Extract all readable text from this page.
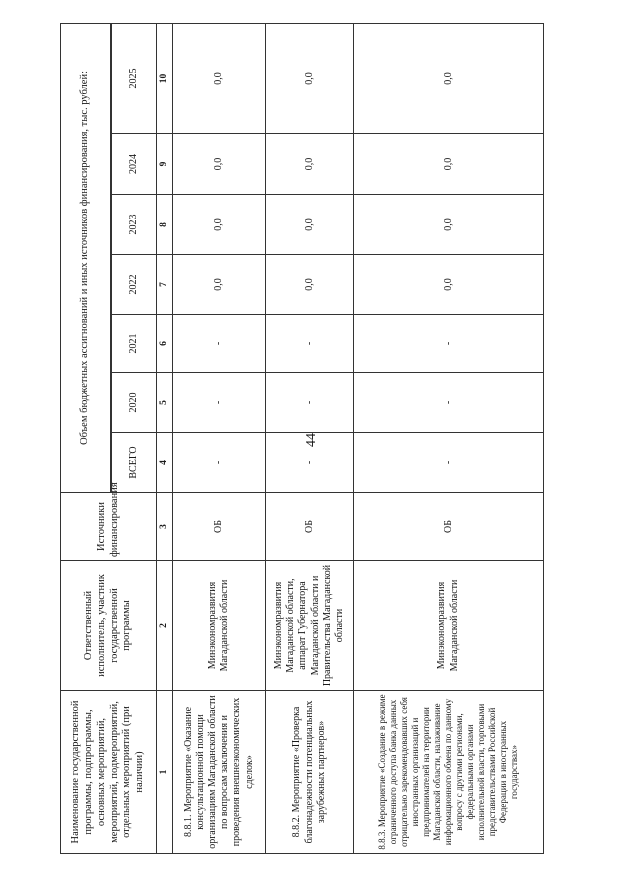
44
Наименование государственной программы, подпрограммы, основных мероприятий, мероприятий, подмероприятий, отдельных мероприятий (при наличии)	Ответственный исполнитель, участник государственной программы	Источники финансирования	Объем бюджетных ассигнований и иных источников финансирования, тыс. рублей:						

			ВСЕГО	2020	2021	2022	2023	2024	2025
1	2	3	4	5	6	7	8	9	10
8.8.1. Мероприятие «Оказание консультационной помощи организациям Магаданской области по вопросам заключения и проведения внешнеэкономических сделок»	Минэкономразвития Магаданской области	ОБ	-	-	-	0,0	0,0	0,0	0,0
8.8.2. Мероприятие «Проверка благонадежности потенциальных зарубежных партнеров»	Минэкономразвития Магаданской области, аппарат Губернатора Магаданской области и Правительства Магаданской области	ОБ	-	-	-	0,0	0,0	0,0	0,0
8.8.3. Мероприятие «Создание в режиме ограниченного доступа банка данных отрицательно зарекомендовавших себя иностранных организаций и предпринимателей на территории Магаданской области, налаживание информационного обмена по данному вопросу с другими регионами, федеральными органами исполнительной власти, торговыми представительствами Российской Федерации в иностранных государствах»	Минэкономразвития Магаданской области	ОБ	-	-	-	0,0	0,0	0,0	0,0
